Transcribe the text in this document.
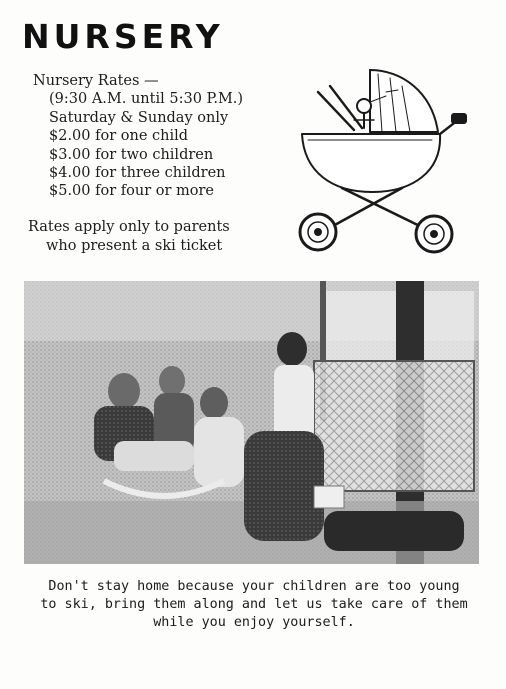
NURSERY
Nursery Rates —
(9:30 A.M. until 5:30 P.M.)
Saturday & Sunday only
$2.00 for one child
$3.00 for two children
$4.00 for three children
$5.00 for four or more
Rates apply only to parents
who present a ski ticket
Don't stay home because your children are too young
to ski, bring them along and let us take care of them
while you enjoy yourself.
